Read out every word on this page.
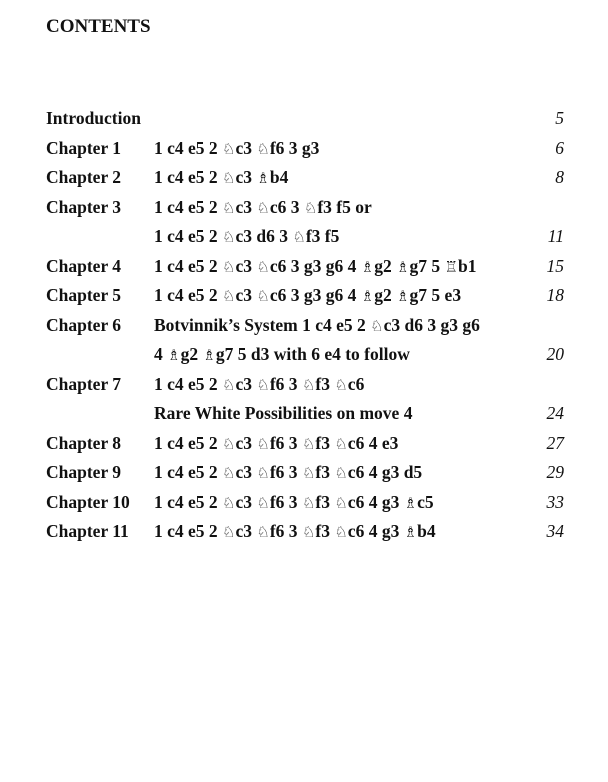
CONTENTS
Introduction	5
Chapter 1 1 c4 e5 2 ♘c3 ♘f6 3 g3	6
Chapter 2 1 c4 e5 2 ♘c3 ♗b4	8
Chapter 3 1 c4 e5 2 ♘c3 ♘c6 3 ♘f3 f5 or
1 c4 e5 2 ♘c3 d6 3 ♘f3 f5	11
Chapter 4 1 c4 e5 2 ♘c3 ♘c6 3 g3 g6 4 ♗g2 ♗g7 5 ♖b1	15
Chapter 5 1 c4 e5 2 ♘c3 ♘c6 3 g3 g6 4 ♗g2 ♗g7 5 e3	18
Chapter 6 Botvinnik’s System 1 c4 e5 2 ♘c3 d6 3 g3 g6
4 ♗g2 ♗g7 5 d3 with 6 e4 to follow	20
Chapter 7 1 c4 e5 2 ♘c3 ♘f6 3 ♘f3 ♘c6
Rare White Possibilities on move 4	24
Chapter 8 1 c4 e5 2 ♘c3 ♘f6 3 ♘f3 ♘c6 4 e3	27
Chapter 9 1 c4 e5 2 ♘c3 ♘f6 3 ♘f3 ♘c6 4 g3 d5	29
Chapter 10 1 c4 e5 2 ♘c3 ♘f6 3 ♘f3 ♘c6 4 g3 ♗c5	33
Chapter 11 1 c4 e5 2 ♘c3 ♘f6 3 ♘f3 ♘c6 4 g3 ♗b4	34
